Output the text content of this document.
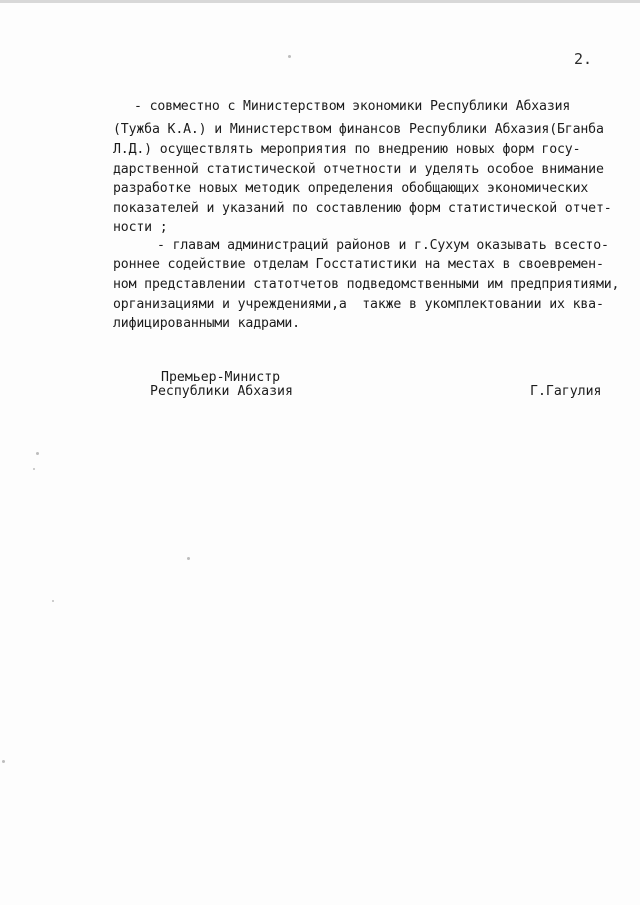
2.
- совместно с Министерством экономики Республики Абхазия
(Тужба К.А.) и Министерством финансов Республики Абхазия(Бганба
Л.Д.) осуществлять мероприятия по внедрению новых форм госу-
дарственной статистической отчетности и уделять особое внимание
разработке новых методик определения обобщающих экономических
показателей и указаний по составлению форм статистической отчет-
ности ;
- главам администраций районов и г.Сухум оказывать всесто-
роннее содействие отделам Госстатистики на местах в своевремен-
ном представлении статотчетов подведомственными им предприятиями,
организациями и учреждениями,а  также в укомплектовании их ква-
лифицированными кадрами.
Премьер-Министр
Республики Абхазия	Г.Гагулия
